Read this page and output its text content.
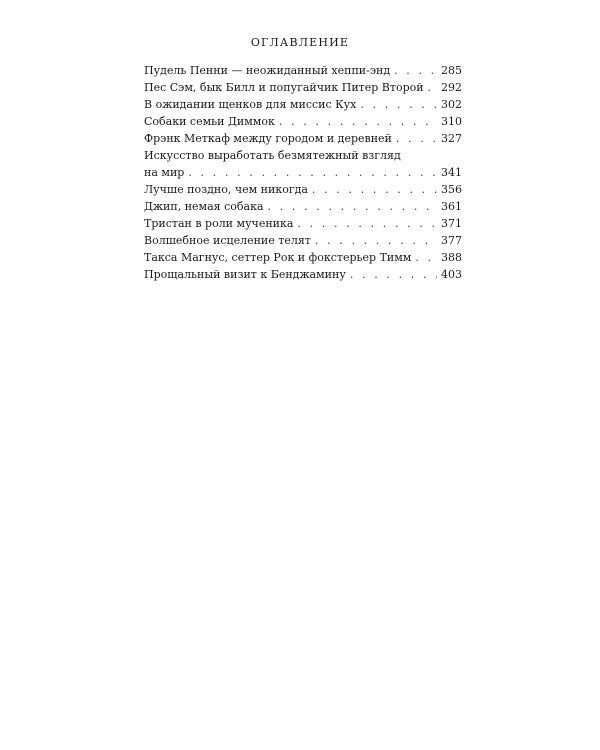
ОГЛАВЛЕНИЕ
Пудель Пенни — неожиданный хеппи-энд . . .	285
Пес Сэм, бык Билл и попугайчик Питер Второй . . . 292
В ожидании щенков для миссис Кух . . .	302
Собаки семьи Диммок . . .	310
Фрэнк Меткаф между городом и деревней . . .	327
Искусство выработать безмятежный взгляд
на мир . . .	341
Лучше поздно, чем никогда . . .	356
Джип, немая собака . . .	361
Тристан в роли мученика . . .	371
Волшебное исцеление телят . . .	377
Такса Магнус, сеттер Рок и фокстерьер Тимм . . .	388
Прощальный визит к Бенджамину . . .	403
